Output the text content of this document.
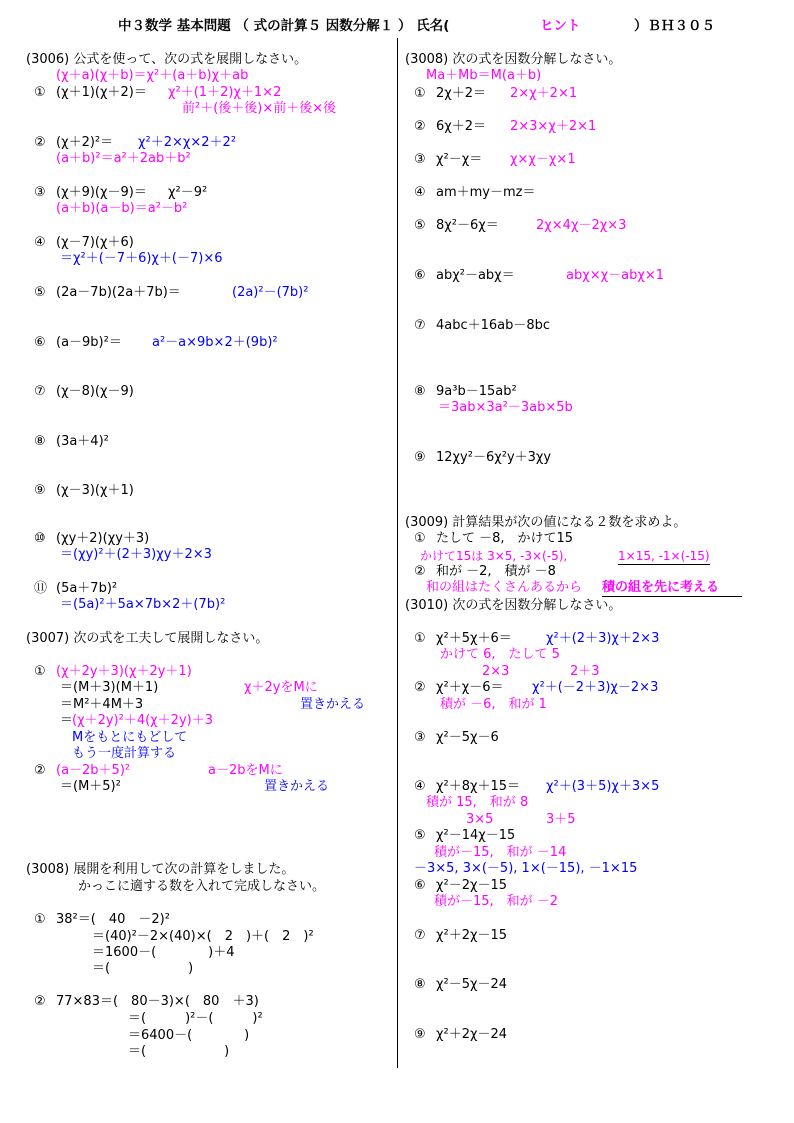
中３数学 基本問題 （ 式の計算５ 因数分解１ ） 氏名(	ヒント	）ＢＨ３０５
(3006) 公式を使って、次の式を展開しなさい。
(χ＋a)(χ＋b)＝χ²＋(a＋b)χ＋ab
① (χ＋1)(χ＋2)＝ χ²＋(1＋2)χ＋1×2
前²＋(後＋後)×前＋後×後
② (χ＋2)²＝ χ²＋2×χ×2＋2²
(a＋b)²＝a²＋2ab＋b²
③ (χ＋9)(χ－9)＝ χ²－9²
(a＋b)(a－b)＝a²－b²
④ (χ－7)(χ＋6)
＝χ²＋(－7＋6)χ＋(－7)×6
⑤ (2a－7b)(2a＋7b)＝	(2a)²－(7b)²
⑥ (a－9b)²＝ a²－a×9b×2＋(9b)²
⑦ (χ－8)(χ－9)
⑧ (3a＋4)²
⑨ (χ－3)(χ＋1)
⑩ (χy＋2)(χy＋3)
＝(χy)²＋(2＋3)χy＋2×3
⑪ (5a＋7b)²
＝(5a)²＋5a×7b×2＋(7b)²
(3007) 次の式を工夫して展開しなさい。
① (χ＋2y＋3)(χ＋2y＋1)
＝(M＋3)(M＋1)	χ＋2yをMに
＝M²＋4M＋3	置きかえる
＝
(χ＋2y)²＋4(χ＋2y)＋3
Mをもとにもどして
もう一度計算する
② (a－2b＋5)²	a－2bをMに
＝(M＋5)²	置きかえる
(3008) 展開を利用して次の計算をしました。
かっこに適する数を入れて完成しなさい。
① 38²＝(　40　－2)²
＝(40)²－2×(40)×(　2　)＋(　2　)²
＝1600－(　　　　)＋4
＝(　　　　　　)
② 77×83＝(　80－3)×(　80　＋3)
＝(　　　)²－(　　　)²
＝6400－(　　　　)
＝(　　　　　　)
(3008) 次の式を因数分解しなさい。
Ma＋Mb＝M(a＋b)
① 2χ＋2＝ 2×χ＋2×1
② 6χ＋2＝ 2×3×χ＋2×1
③ χ²－χ＝ χ×χ－χ×1
④ am＋my－mz＝
⑤ 8χ²－6χ＝	2χ×4χ－2χ×3
⑥ abχ²－abχ＝	abχ×χ－abχ×1
⑦ 4abc＋16ab－8bc
⑧ 9a³b－15ab²
＝3ab×3a²－3ab×5b
⑨ 12χy²－6χ²y＋3χy
(3009) 計算結果が次の値になる２数を求めよ。
① たして －8,　かけて15
かけて15は 3×5, -3×(-5),	1×15, -1×(-15)
② 和が －2,　積が －8
和の組はたくさんあるから 積の組を先に考える
(3010) 次の式を因数分解しなさい。
① χ²＋5χ＋6＝	χ²＋(2＋3)χ＋2×3
かけて 6,　たして 5
2×3	2＋3
② χ²＋χ－6＝ χ²＋(－2＋3)χ－2×3
積が －6,　和が 1
③ χ²－5χ－6
④ χ²＋8χ＋15＝ χ²＋(3＋5)χ＋3×5
積が 15,　和が 8
3×5	3＋5
⑤ χ²－14χ－15
積が－15,　和が －14
－3×5, 3×(－5), 1×(－15), －1×15
⑥ χ²－2χ－15
積が－15,　和が －2
⑦ χ²＋2χ－15
⑧ χ²－5χ－24
⑨ χ²＋2χ－24
